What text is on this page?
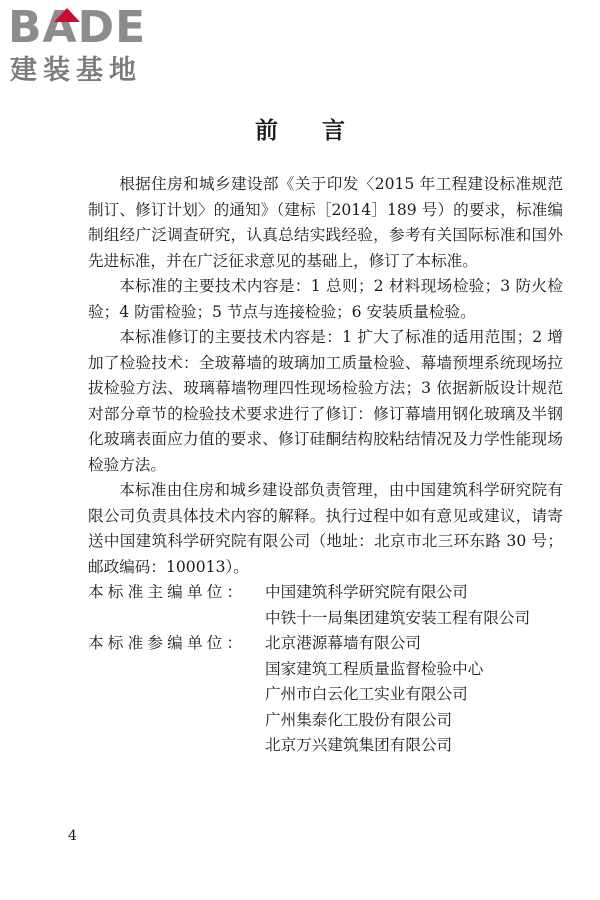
BADE
建装基地
前言

根据住房和城乡建设部《关于印发〈2015 年工程建设标准规范制订、修订计划〉的通知》（建标［2014］189 号）的要求，标准编制组经广泛调查研究，认真总结实践经验，参考有关国际标准和国外先进标准，并在广泛征求意见的基础上，修订了本标准。

本标准的主要技术内容是：1 总则；2 材料现场检验；3 防火检验；4 防雷检验；5 节点与连接检验；6 安装质量检验。

本标准修订的主要技术内容是：1 扩大了标准的适用范围；2 增加了检验技术：全玻幕墙的玻璃加工质量检验、幕墙预埋系统现场拉拔检验方法、玻璃幕墙物理四性现场检验方法；3 依据新版设计规范对部分章节的检验技术要求进行了修订：修订幕墙用钢化玻璃及半钢化玻璃表面应力值的要求、修订硅酮结构胶粘结情况及力学性能现场检验方法。

本标准由住房和城乡建设部负责管理，由中国建筑科学研究院有限公司负责具体技术内容的解释。执行过程中如有意见或建议，请寄送中国建筑科学研究院有限公司（地址：北京市北三环东路 30 号；邮政编码：100013）。

本标准主编单位：	中国建筑科学研究院有限公司
中铁十一局集团建筑安装工程有限公司
本标准参编单位：	北京港源幕墙有限公司
国家建筑工程质量监督检验中心
广州市白云化工实业有限公司
广州集泰化工股份有限公司
北京万兴建筑集团有限公司
4
